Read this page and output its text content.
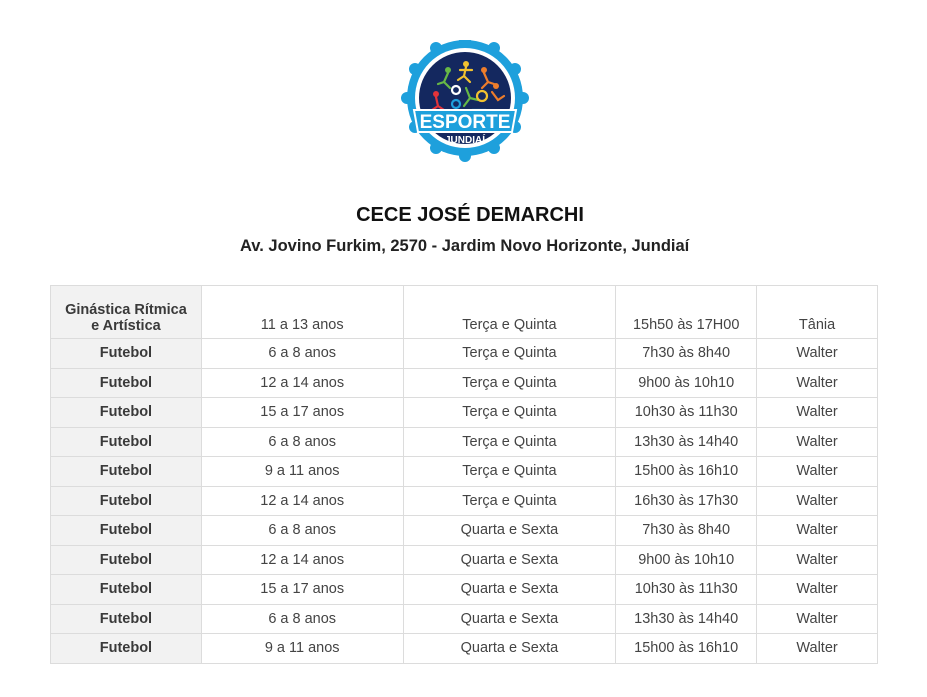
ESPORTE
JUNDIAÍ
CECE JOSÉ DEMARCHI
Av. Jovino Furkim, 2570 - Jardim Novo Horizonte, Jundiaí
Ginástica Rítmica
e Artística	11 a 13 anos	Terça e Quinta	15h50 às 17H00	Tânia
Futebol	6 a 8 anos	Terça e Quinta	7h30 às 8h40	Walter
Futebol	12 a 14 anos	Terça e Quinta	9h00 às 10h10	Walter
Futebol	15 a 17 anos	Terça e Quinta	10h30 às 11h30	Walter
Futebol	6 a 8 anos	Terça e Quinta	13h30 às 14h40	Walter
Futebol	9 a 11 anos	Terça e Quinta	15h00 às 16h10	Walter
Futebol	12 a 14 anos	Terça e Quinta	16h30 às 17h30	Walter
Futebol	6 a 8 anos	Quarta e Sexta	7h30 às 8h40	Walter
Futebol	12 a 14 anos	Quarta e Sexta	9h00 às 10h10	Walter
Futebol	15 a 17 anos	Quarta e Sexta	10h30 às 11h30	Walter
Futebol	6 a 8 anos	Quarta e Sexta	13h30 às 14h40	Walter
Futebol	9 a 11 anos	Quarta e Sexta	15h00 às 16h10	Walter
